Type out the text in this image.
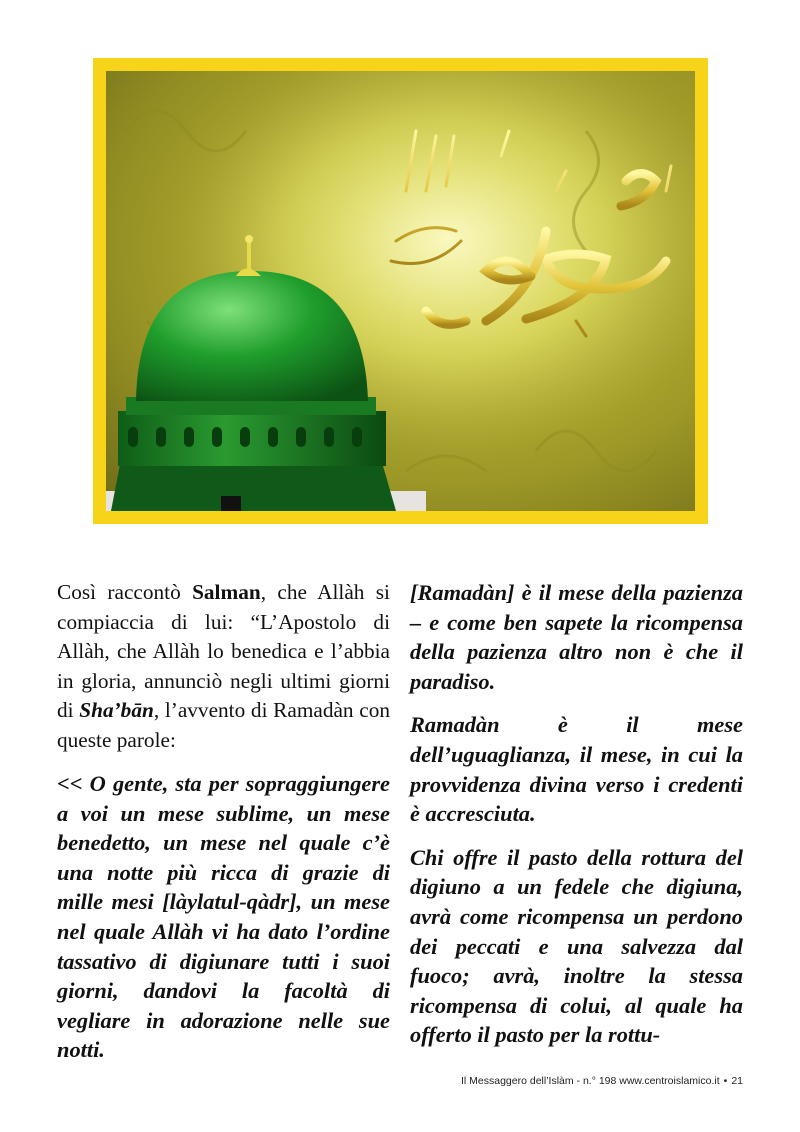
Così raccontò Salman, che Allàh si compiaccia di lui: “L’Apostolo di Allàh, che Allàh lo benedica e l’abbia in gloria, annunciò negli ultimi giorni di Sha’bān, l’avvento di Ramadàn con queste parole:

<< O gente, sta per sopraggiungere a voi un mese sublime, un mese benedetto, un mese nel quale c’è una notte più ricca di grazie di mille mesi [làylatul-qàdr], un mese nel quale Allàh vi ha dato l’ordine tassativo di digiunare tutti i suoi giorni, dandovi la facoltà di vegliare in adorazione nelle sue notti.

[Ramadàn] è il mese della pazienza – e come ben sapete la ricompensa della pazienza altro non è che il paradiso.

Ramadàn è il mese dell’uguaglianza, il mese, in cui la provvidenza divina verso i credenti è accresciuta.

Chi offre il pasto della rottura del digiuno a un fedele che digiuna, avrà come ricompensa un perdono dei peccati e una salvezza dal fuoco; avrà, inoltre la stessa ricompensa di colui, al quale ha offerto il pasto per la rottu-

Il Messaggero dell’Islàm - n.° 198 www.centroislamico.it • 21
